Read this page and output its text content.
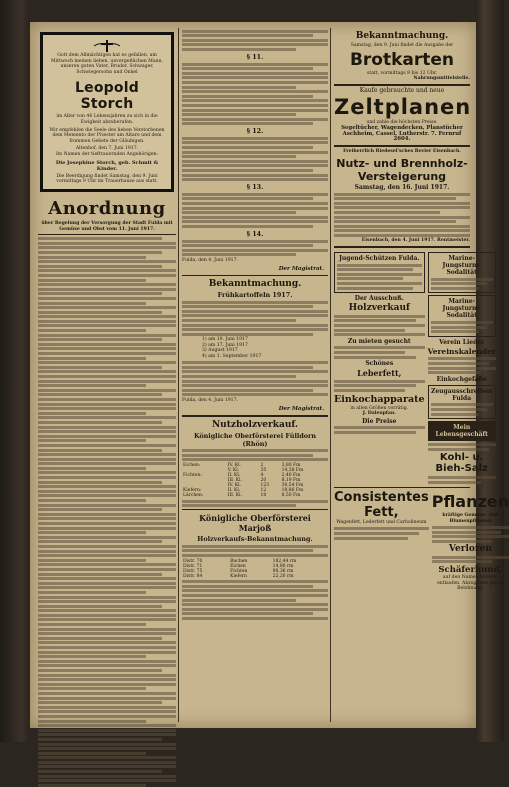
Gott dem Allmächtigen hat es gefallen, am Mittwoch meinen lieben, unvergeßlichen Mann, unseren guten Vater, Bruder, Schwager, Schwiegersohn und Onkel
Leopold Storch
im Alter von 46 Lebensjahren zu sich in die Ewigkeit abzuberufen.
Wir empfehlen die Seele des lieben Verstorbenen dem Memento der Priester am Altare und dem frommen Gebete der Gläubigen.
Altenhof, den 7. Juni 1917.
Im Namen der tieftrauernden Angehörigen:
Die Josephine Storch, geb. Schmit & Kinder.
Die Beerdigung findet Samstag, den 9. Juni vormittags 9 Uhr im Trauerhause aus statt.
Anordnung
über Regelung der Versorgung der Stadt Fulda mit Gemüse und Obst vom 11. Juni 1917.
§ 11.
§ 12.
§ 13.
§ 14.
Fulda, den 4. Juni 1917.
Der Magistrat.
Bekanntmachung.
Frühkartoffeln 1917.
1) am 10. Juni 1917
2) am 17. Juni 1917
3) August 1917
4) am 1. September 1917
Fulda, den 4. Juni 1917.
Der Magistrat.
Nutzholzverkauf.
Königliche Oberförsterei Fülldorn (Rhön)
Eichen:	IV. Kl.	2	3,80 Fm
	V. Kl.	35	14,38 Fm
Fichten:	II. Kl.	4	2,40 Fm
	III. Kl.	20	8,19 Fm
	IV. Kl.	123	30,54 Fm
Kiefern:	II. Kl.	12	18,86 Fm
Lärchen:	III. Kl.	18	8,50 Fm
Königliche Oberförsterei Marjoß
Holzverkaufs-Bekanntmachung.
Distr. 70	Buchen	182,44 rm
Distr. 71	Eichen	14,80 rm
Distr. 75	Fichten	98,36 rm
Distr. 84	Kiefern	22,20 rm
Bekanntmachung.
Samstag, den 9. Juni findet die Ausgabe der
Brotkarten
statt, vormittags 8 bis 12 Uhr.
Nahrungsmittelstelle.
Kaufe gebrauchte und neue
Zeltplanen
und zahle die höchsten Preise.
Segeltücher, Wagendecken, Planstücher
Aschheim, Cassel, Lutherstr. 7. Fernruf 2604.
Freiherrlich Riedesel'sches Revier Eisenbach.
Nutz- und Brennholz-Versteigerung
Samstag, den 16. Juni 1917.
Eisenbach, den 4. Juni 1917. Rentmeister.
Jugend-Schützen Fulda.
Der Ausschuß.
Holzverkauf
Zu mieten gesucht
Schönes
Leberfett,
Einkochapparate
in allen Größen vorrätig.
J. Daleupfan.
Die Preise
Marine-Jungsturm-Sodalität
Marine-Jungsturm-Sodalität
Verein Lieder
Vereinskalender
Einkochgefäße
Zeugausschreiben Fulda
Mein Lebensgeschäft
Kohl- u. Bieh-Salz
Consistentes Fett,
Wagenfett, Lederfett und Carbolineum
Pflanzen
kräftige Gemüse- und Blumenpflanzen
Verloren
Schäferhund,
auf den Namen hörend, entlaufen. Abzugeben gegen Belohnung.
